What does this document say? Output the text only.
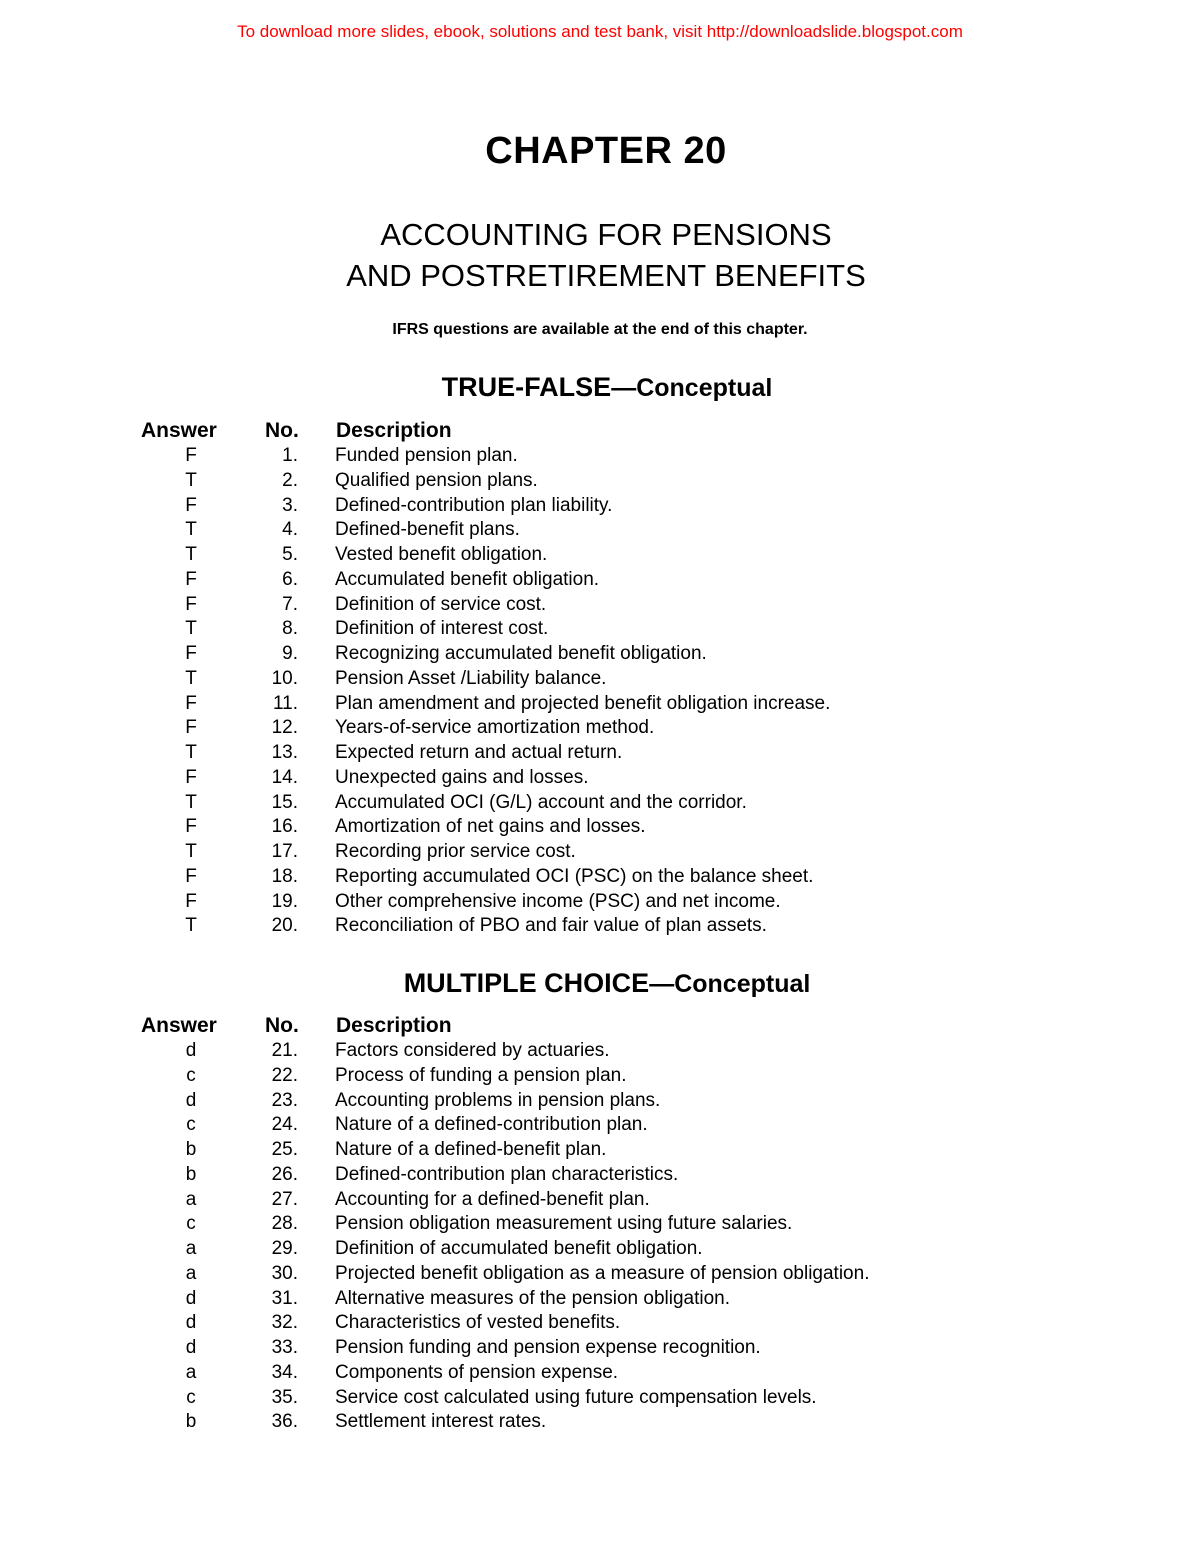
To download more slides, ebook, solutions and test bank, visit http://downloadslide.blogspot.com
CHAPTER 20
ACCOUNTING FOR PENSIONS
AND POSTRETIREMENT BENEFITS
IFRS questions are available at the end of this chapter.
TRUE-FALSE—Conceptual
Answer No. Description
F	1. Funded pension plan.
T	2. Qualified pension plans.
F	3. Defined-contribution plan liability.
T	4. Defined-benefit plans.
T	5. Vested benefit obligation.
F	6. Accumulated benefit obligation.
F	7. Definition of service cost.
T	8. Definition of interest cost.
F	9. Recognizing accumulated benefit obligation.
T	10. Pension Asset /Liability balance.
F	11. Plan amendment and projected benefit obligation increase.
F	12. Years-of-service amortization method.
T	13. Expected return and actual return.
F	14. Unexpected gains and losses.
T	15. Accumulated OCI (G/L) account and the corridor.
F	16. Amortization of net gains and losses.
T	17. Recording prior service cost.
F	18. Reporting accumulated OCI (PSC) on the balance sheet.
F	19. Other comprehensive income (PSC) and net income.
T	20. Reconciliation of PBO and fair value of plan assets.
MULTIPLE CHOICE—Conceptual
Answer No. Description
d	21. Factors considered by actuaries.
c	22. Process of funding a pension plan.
d	23. Accounting problems in pension plans.
c	24. Nature of a defined-contribution plan.
b	25. Nature of a defined-benefit plan.
b	26. Defined-contribution plan characteristics.
a	27. Accounting for a defined-benefit plan.
c	28. Pension obligation measurement using future salaries.
a	29. Definition of accumulated benefit obligation.
a	30. Projected benefit obligation as a measure of pension obligation.
d	31. Alternative measures of the pension obligation.
d	32. Characteristics of vested benefits.
d	33. Pension funding and pension expense recognition.
a	34. Components of pension expense.
c	35. Service cost calculated using future compensation levels.
b	36. Settlement interest rates.
